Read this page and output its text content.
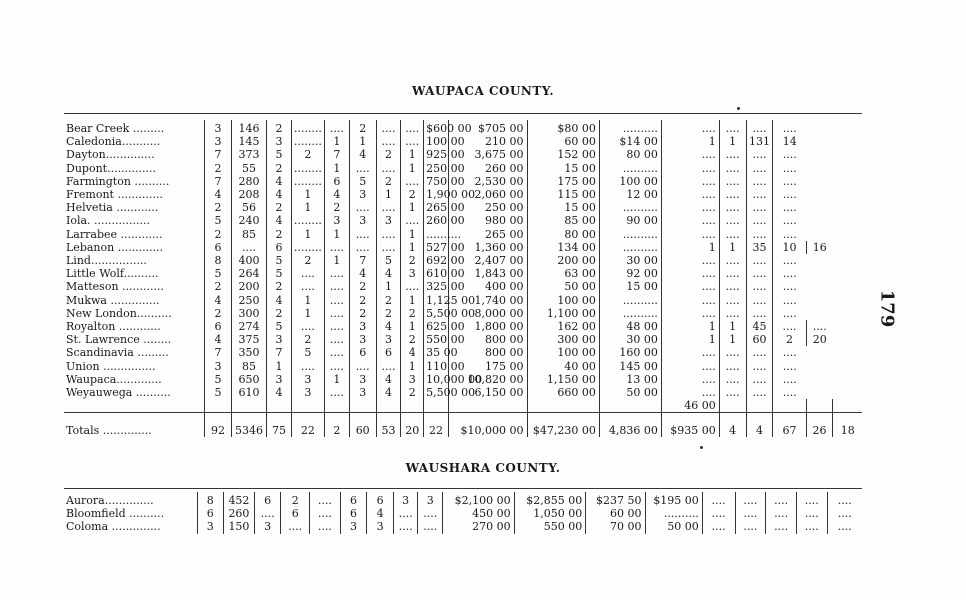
WAUPACA COUNTY.
Bear Creek .........	3	146	2	........	....	2	....	....	$600 00	$705 00	$80 00	..........	....	....	....	....		
Caledonia...........	3	145	3	........	1	1	....	....	100 00	210 00	60 00	$14 00	1	1	131	14		
Dayton..............	7	373	5	2	7	4	2	1	925 00	3,675 00	152 00	80 00	....	....	....	....		
Dupont..............	2	55	2	........	1	....	....	1	250 00	260 00	15 00	..........	....	....	....	....		
Farmington ..........	7	280	4	........	6	5	2	....	750 00	2,530 00	175 00	100 00	....	....	....	....		
Fremont .............	4	208	4	1	4	3	1	2	1,900 00	2,060 00	115 00	12 00	....	....	....	....		
Helvetia ............	2	56	2	1	2	....	....	1	265 00	250 00	15 00	..........	....	....	....	....		
Iola. ................	5	240	4	........	3	3	3	....	260 00	980 00	85 00	90 00	....	....	....	....		
Larrabee ............	2	85	2	1	1	....	....	1	..........	265 00	80 00	..........	....	....	....	....		
Lebanon .............	6	....	6	........	....	....	....	1	527 00	1,360 00	134 00	..........	1	1	35	10	16	
Lind................	8	400	5	2	1	7	5	2	692 00	2,407 00	200 00	30 00	....	....	....	....		
Little Wolf..........	5	264	5	....	....	4	4	3	610 00	1,843 00	63 00	92 00	....	....	....	....		
Matteson ............	2	200	2	....	....	2	1	....	325 00	400 00	50 00	15 00	....	....	....	....		
Mukwa ..............	4	250	4	1	....	2	2	1	1,125 00	1,740 00	100 00	..........	....	....	....	....		
New London..........	2	300	2	1	....	2	2	2	5,500 00	8,000 00	1,100 00	..........	....	....	....	....		
Royalton ............	6	274	5	....	....	3	4	1	625 00	1,800 00	162 00	48 00	1	1	45	....	....	
St. Lawrence ........	4	375	3	2	....	3	3	2	550 00	800 00	300 00	30 00	1	1	60	2	20	
Scandinavia .........	7	350	7	5	....	6	6	4	35 00	800 00	100 00	160 00	....	....	....	....		
Union ...............	3	85	1	....	....	....	....	1	110 00	175 00	40 00	145 00	....	....	....	....		
Waupaca.............	5	650	3	3	1	3	4	3	10,000 00	10,820 00	1,150 00	13 00	....	....	....	....		
Weyauwega ..........	5	610	4	3	....	3	4	2	5,500 00	6,150 00	660 00	50 00	....	....	....	....		
													46 00					
Totals ..............	92	5346	75	22	2	60	53	20	22	$10,000 00	$47,230 00	4,836 00	$935 00	4	4	67	26	18
WAUSHARA COUNTY.
Aurora..............	8	452	6	2	....	6	6	3	3	$2,100 00	$2,855 00	$237 50	$195 00	....	....	....	....	....
Bloomfield ..........	6	260	....	6	....	6	4	....	....	450 00	1,050 00	60 00	..........	....	....	....	....	....
Coloma ..............	3	150	3	....	....	3	3	....	....	270 00	550 00	70 00	50 00	....	....	....	....	....
179
